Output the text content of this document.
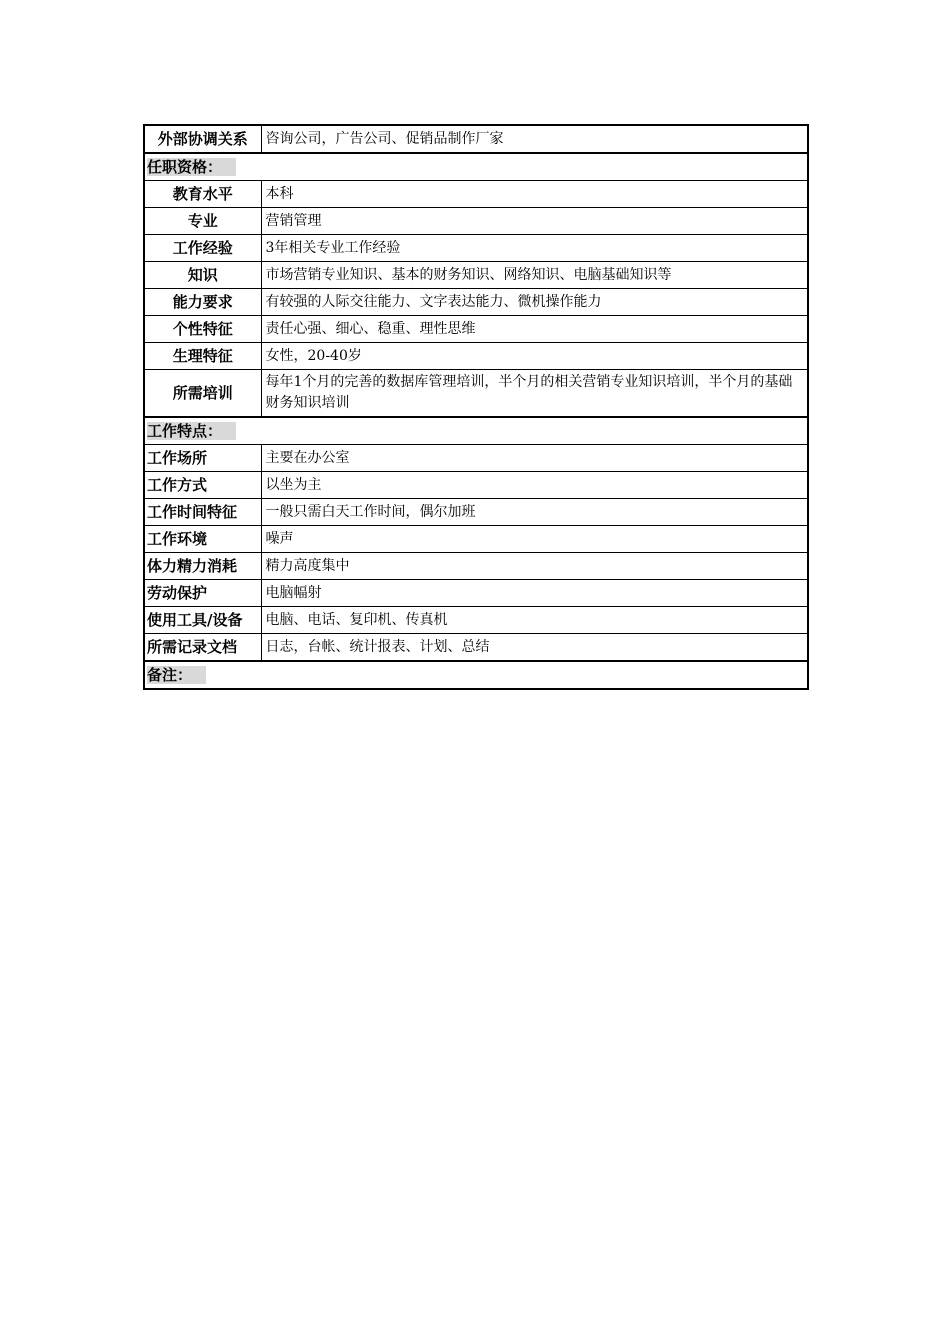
外部协调关系	咨询公司，广告公司、促销品制作厂家
任职资格：	
教育水平	本科
专业	营销管理
工作经验	3年相关专业工作经验
知识	市场营销专业知识、基本的财务知识、网络知识、电脑基础知识等
能力要求	有较强的人际交往能力、文字表达能力、微机操作能力
个性特征	责任心强、细心、稳重、理性思维
生理特征	女性，20-40岁
所需培训	每年1个月的完善的数据库管理培训，半个月的相关营销专业知识培训，半个月的基础财务知识培训
工作特点：	
工作场所	主要在办公室
工作方式	以坐为主
工作时间特征	一般只需白天工作时间，偶尔加班
工作环境	噪声
体力精力消耗	精力高度集中
劳动保护	电脑幅射
使用工具/设备	电脑、电话、复印机、传真机
所需记录文档	日志，台帐、统计报表、计划、总结
备注：	
